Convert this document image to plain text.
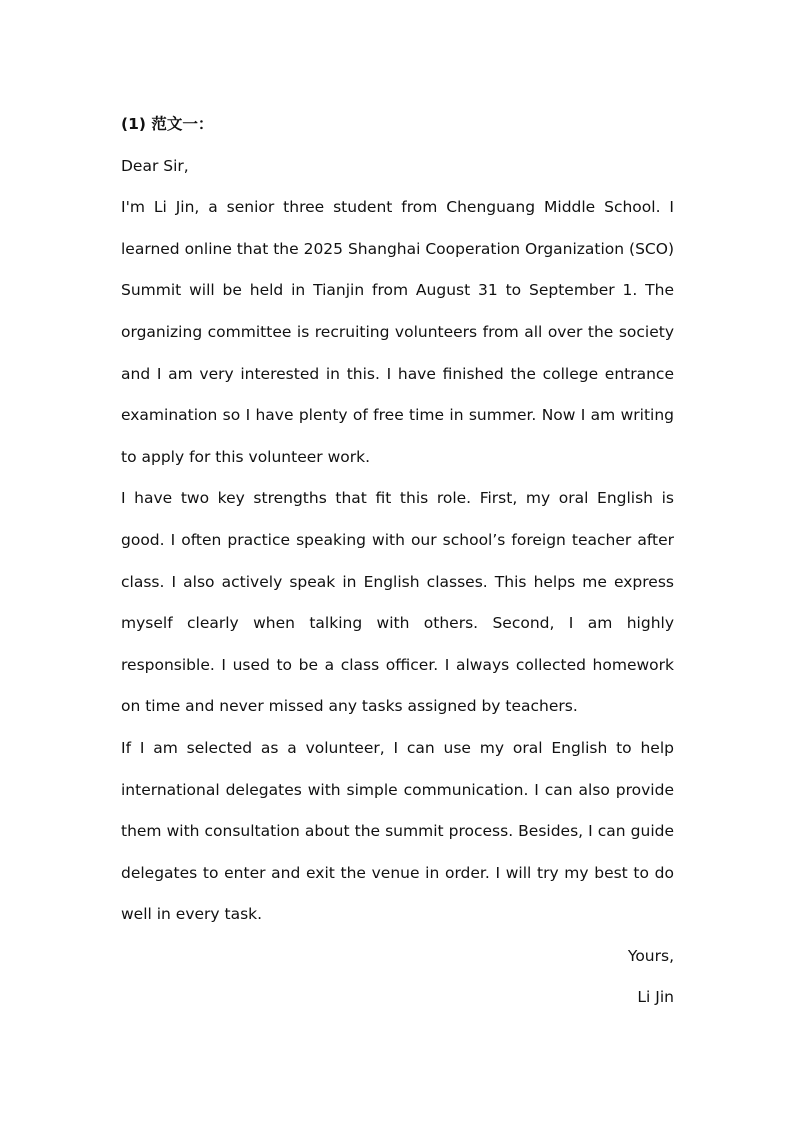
(1) 范文一：

Dear Sir,

I'm Li Jin, a senior three student from Chenguang Middle School. I learned online that the 2025 Shanghai Cooperation Organization (SCO) Summit will be held in Tianjin from August 31 to September 1. The organizing committee is recruiting volunteers from all over the society and I am very interested in this. I have finished the college entrance examination so I have plenty of free time in summer. Now I am writing to apply for this volunteer work.

I have two key strengths that fit this role. First, my oral English is good. I often practice speaking with our school’s foreign teacher after class. I also actively speak in English classes. This helps me express myself clearly when talking with others. Second, I am highly responsible. I used to be a class officer. I always collected homework on time and never missed any tasks assigned by teachers.

If I am selected as a volunteer, I can use my oral English to help international delegates with simple communication. I can also provide them with consultation about the summit process. Besides, I can guide delegates to enter and exit the venue in order. I will try my best to do well in every task.

Yours,

Li Jin
